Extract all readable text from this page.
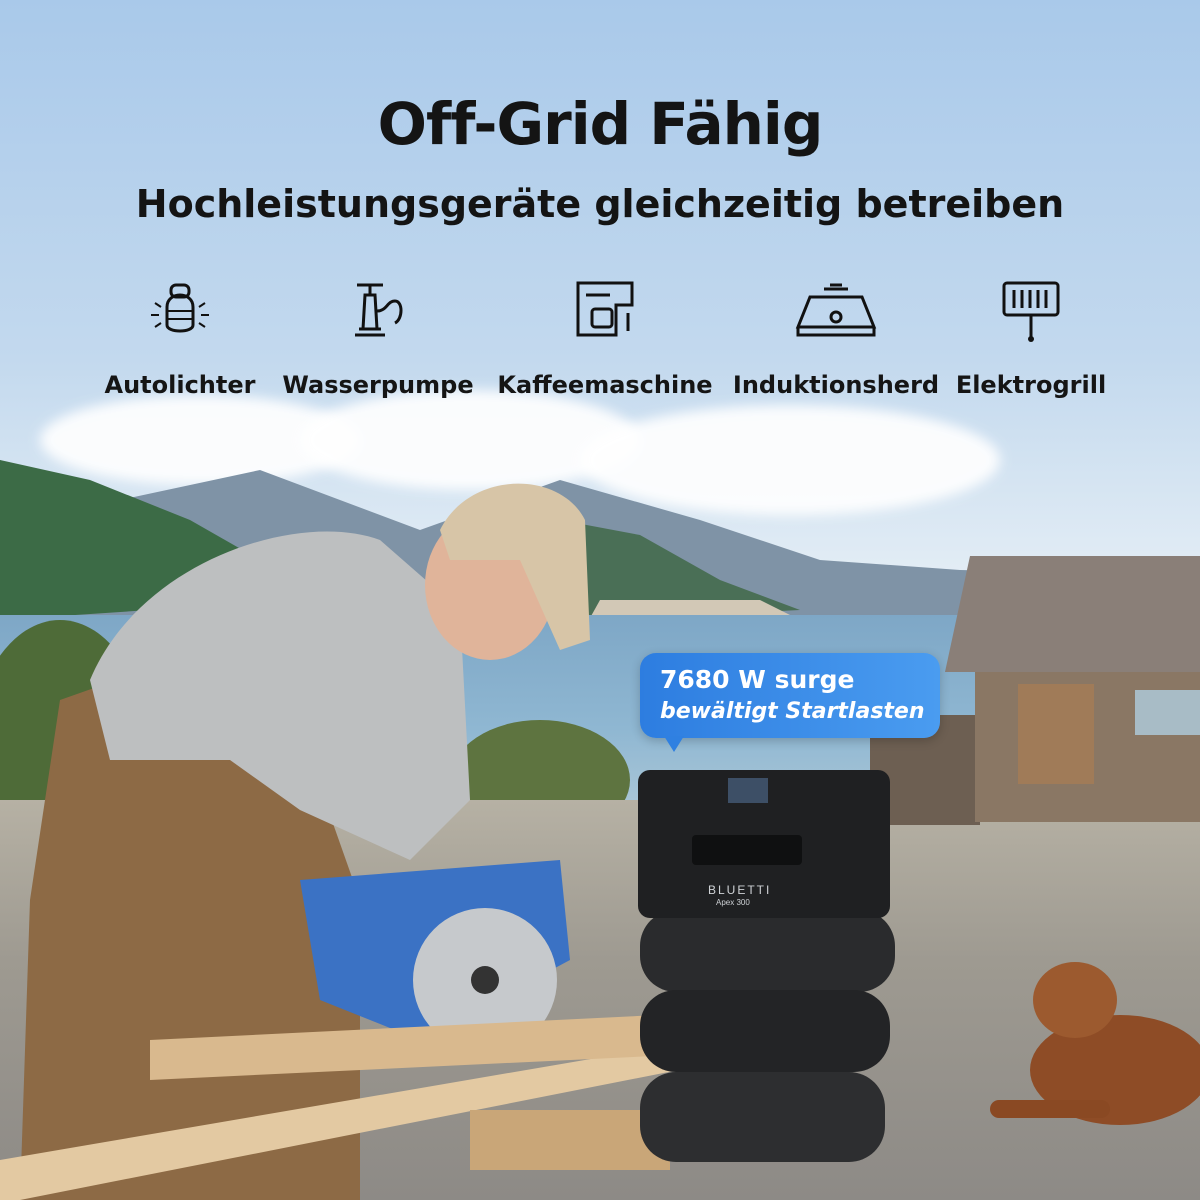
BLUETTI
Apex 300
Off-Grid Fähig
Hochleistungsgeräte gleichzeitig betreiben
Autolichter	Wasserpumpe Kaffeemaschine Induktionsherd Elektrogrill
7680 W surge
bewältigt Startlasten
